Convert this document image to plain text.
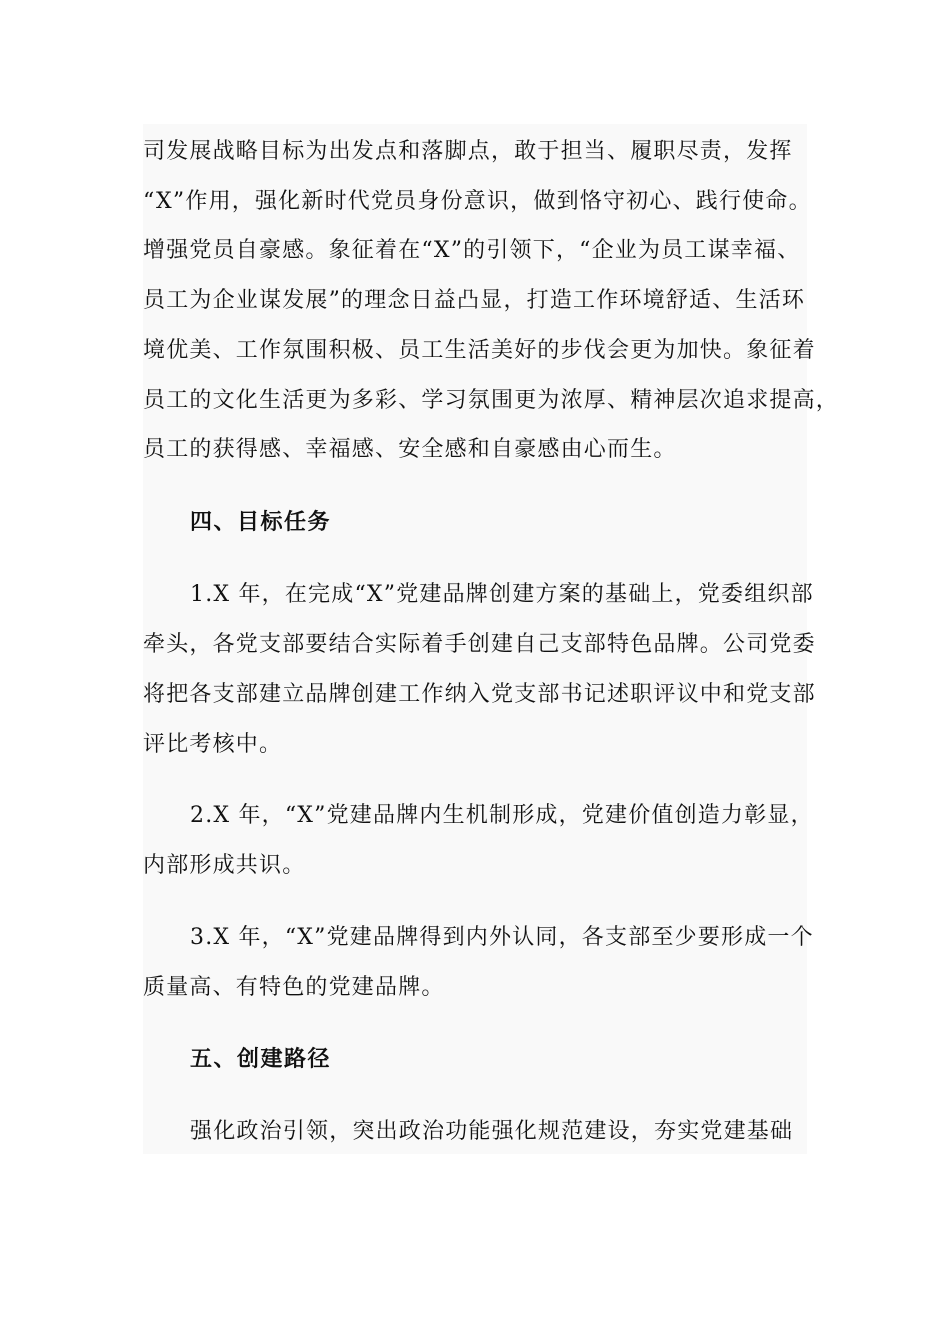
司发展战略目标为出发点和落脚点，敢于担当、履职尽责，发挥
“X”作用，强化新时代党员身份意识，做到恪守初心、践行使命。
增强党员自豪感。象征着在“X”的引领下，“企业为员工谋幸福、
员工为企业谋发展”的理念日益凸显，打造工作环境舒适、生活环
境优美、工作氛围积极、员工生活美好的步伐会更为加快。象征着
员工的文化生活更为多彩、学习氛围更为浓厚、精神层次追求提高，
员工的获得感、幸福感、安全感和自豪感由心而生。
四、目标任务
1.X 年，在完成“X”党建品牌创建方案的基础上，党委组织部
牵头，各党支部要结合实际着手创建自己支部特色品牌。公司党委
将把各支部建立品牌创建工作纳入党支部书记述职评议中和党支部
评比考核中。
2.X 年，“X”党建品牌内生机制形成，党建价值创造力彰显，
内部形成共识。
3.X 年，“X”党建品牌得到内外认同，各支部至少要形成一个
质量高、有特色的党建品牌。
五、创建路径
强化政治引领，突出政治功能强化规范建设，夯实党建基础
